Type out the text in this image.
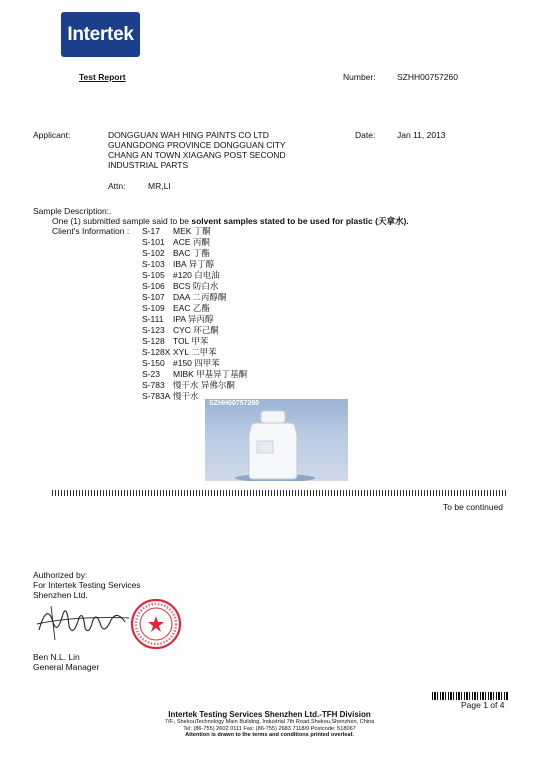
Intertek
Test Report	Number:	SZHH00757260
Applicant:	DONGGUAN WAH HING PAINTS CO LTD
GUANGDONG PROVINCE DONGGUAN CITY
CHANG AN TOWN XIAGANG POST SECOND
INDUSTRIAL PARTS
Date:	Jan 11, 2013
Attn:	MR,LI
Sample Description:.
One (1) submitted sample said to be solvent samples stated to be used for plastic (天拿水).
Client's Information : S-17 MEK 丁酮
S-101 ACE 丙酮
S-102 BAC 丁酯
S-103 IBA 异丁醇
S-105 #120 白电油
S-106 BCS 防白水
S-107 DAA 二丙醇酮
S-109 EAC 乙酯
S-111 IPA 异丙醇
S-123 CYC 环己酮
S-128 TOL 甲苯
S-128X XYL 二甲苯
S-150 #150 四甲苯
S-23 MIBK 甲基异丁基酮
S-783 慢干水 异佛尔酮
S-783A 慢干水
SZHH00757260
To be continued
Authorized by:
For Intertek Testing Services
Shenzhen Ltd.
Ben N.L. Lin
General Manager
Page 1 of 4
Intertek Testing Services Shenzhen Ltd.-TFH Division
7/F., ShekouTechnology Main Building, Industrial 7th Road,Shekou,Shenzhen, China
Tel: (86-755) 2602 0111 Fax: (86-755) 2683 7118/9 Postcode: 518067
Attention is drawn to the terms and conditions printed overleaf.
